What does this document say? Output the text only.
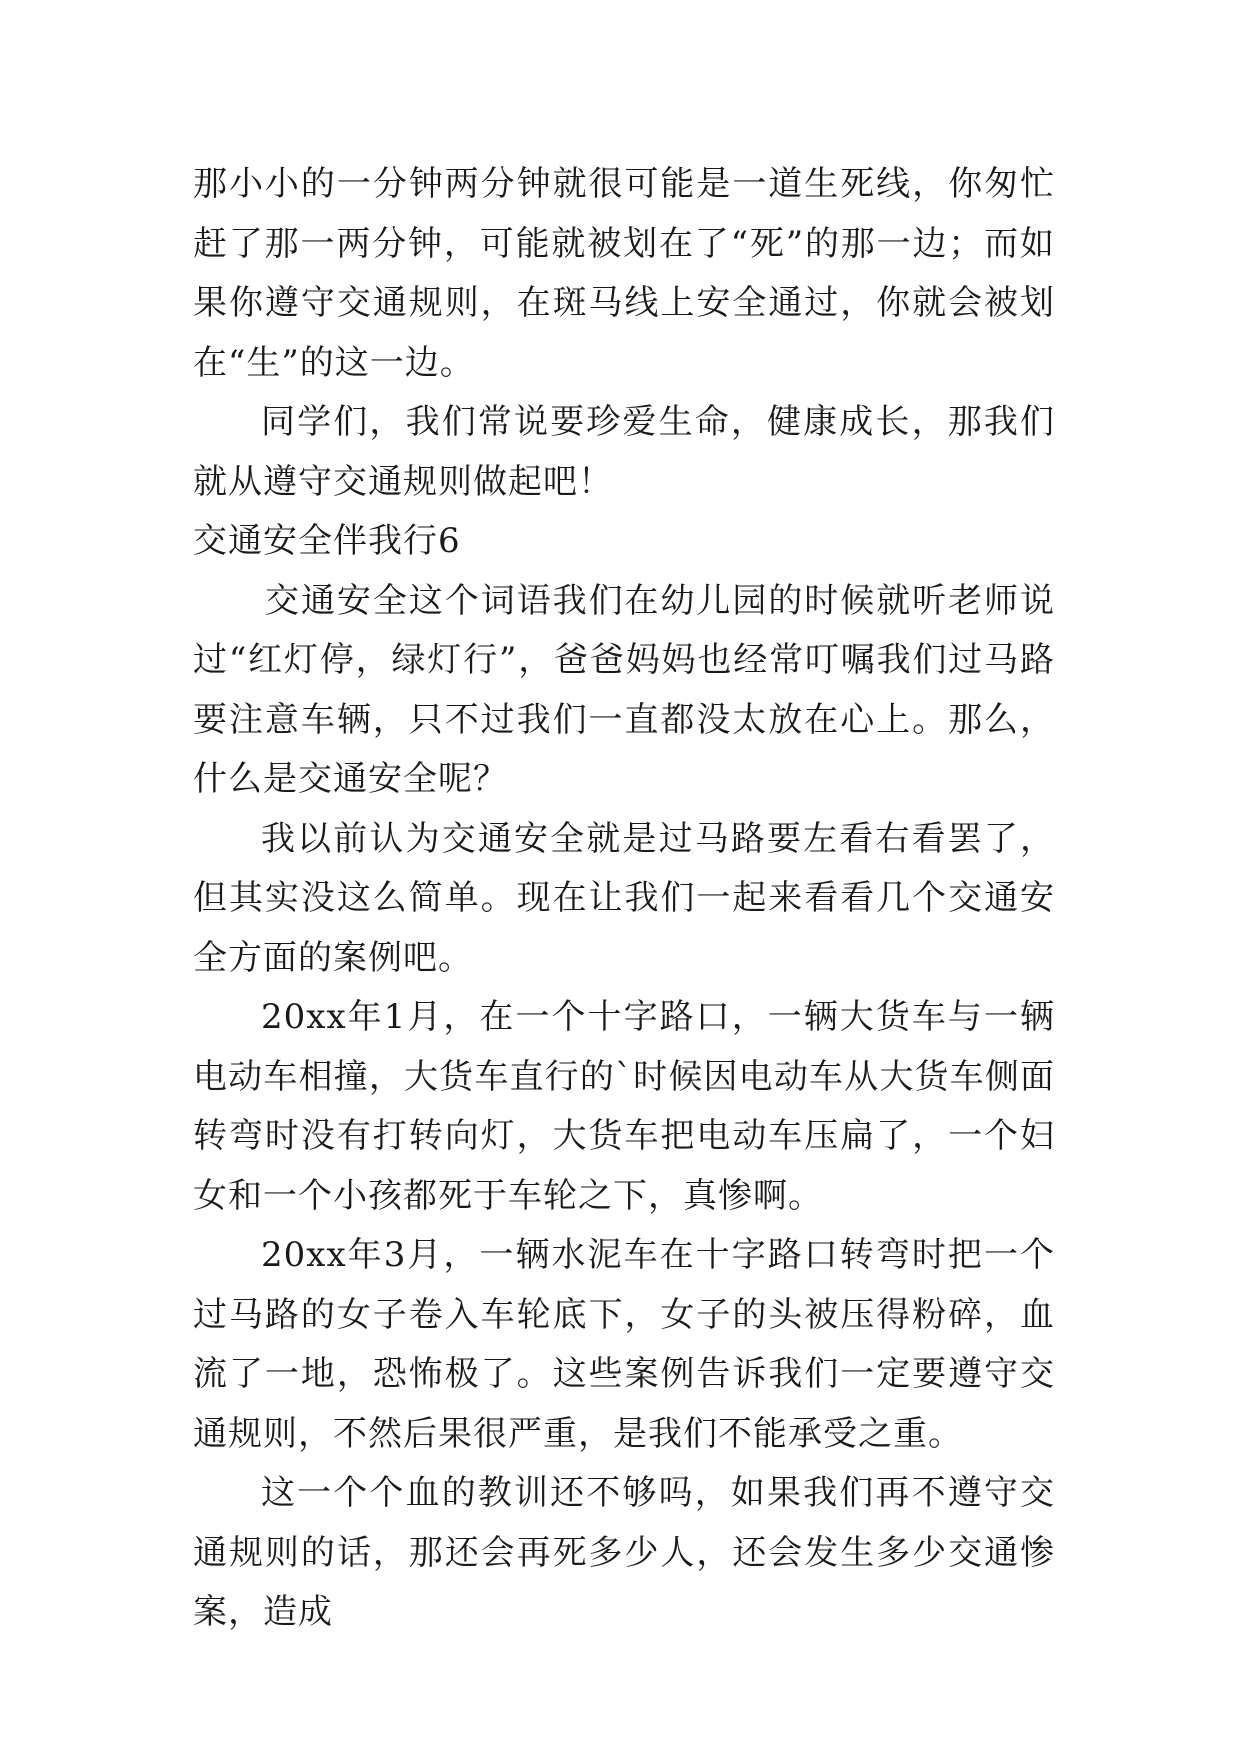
那小小的一分钟两分钟就很可能是一道生死线，你匆忙赶了那一两分钟，可能就被划在了“死”的那一边；而如果你遵守交通规则，在斑马线上安全通过，你就会被划在“生”的这一边。

同学们，我们常说要珍爱生命，健康成长，那我们就从遵守交通规则做起吧！

交通安全伴我行6

交通安全这个词语我们在幼儿园的时候就听老师说过“红灯停，绿灯行”，爸爸妈妈也经常叮嘱我们过马路要注意车辆，只不过我们一直都没太放在心上。那么，什么是交通安全呢？

我以前认为交通安全就是过马路要左看右看罢了，但其实没这么简单。现在让我们一起来看看几个交通安全方面的案例吧。

20xx年1月，在一个十字路口，一辆大货车与一辆电动车相撞，大货车直行的`时候因电动车从大货车侧面转弯时没有打转向灯，大货车把电动车压扁了，一个妇女和一个小孩都死于车轮之下，真惨啊。

20xx年3月，一辆水泥车在十字路口转弯时把一个过马路的女子卷入车轮底下，女子的头被压得粉碎，血流了一地，恐怖极了。这些案例告诉我们一定要遵守交通规则，不然后果很严重，是我们不能承受之重。

这一个个血的教训还不够吗，如果我们再不遵守交通规则的话，那还会再死多少人，还会发生多少交通惨案，造成
